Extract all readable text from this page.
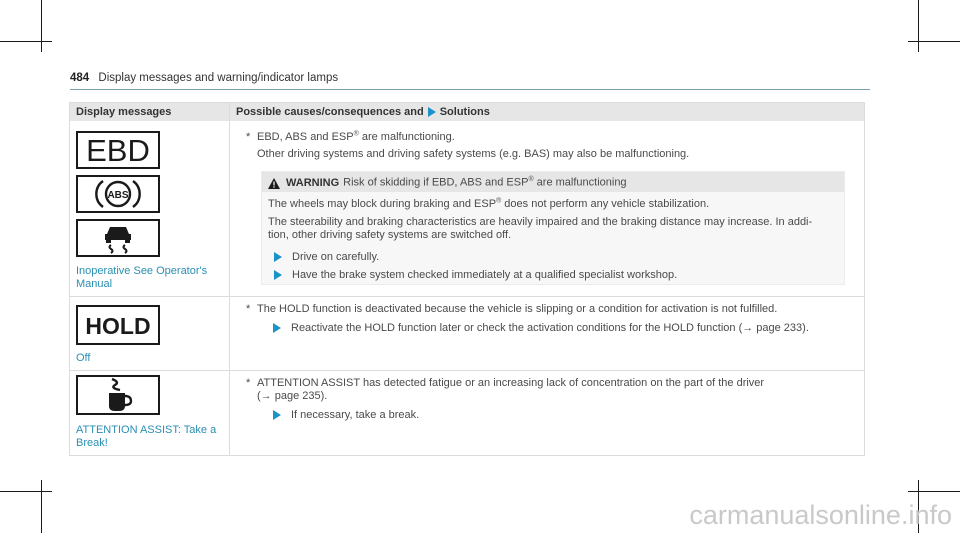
484 Display messages and warning/indicator lamps
Display messages	Possible causes/consequences and Solutions
EBD
ABS
Inoperative See Operator's Manual
* EBD, ABS and ESP® are malfunctioning.
Other driving systems and driving safety systems (e.g. BAS) may also be malfunctioning.
WARNING Risk of skidding if EBD, ABS and ESP® are malfunctioning
The wheels may block during braking and ESP® does not perform any vehicle stabilization.
The steerability and braking characteristics are heavily impaired and the braking distance may increase. In addi-tion, other driving safety systems are switched off.
Drive on carefully.
Have the brake system checked immediately at a qualified specialist workshop.
HOLD
Off
* The HOLD function is deactivated because the vehicle is slipping or a condition for activation is not fulfilled.
Reactivate the HOLD function later or check the activation conditions for the HOLD function (→ page 233).
ATTENTION ASSIST: Take a Break!
* ATTENTION ASSIST has detected fatigue or an increasing lack of concentration on the part of the driver
(→ page 235).
If necessary, take a break.
carmanualsonline.info
